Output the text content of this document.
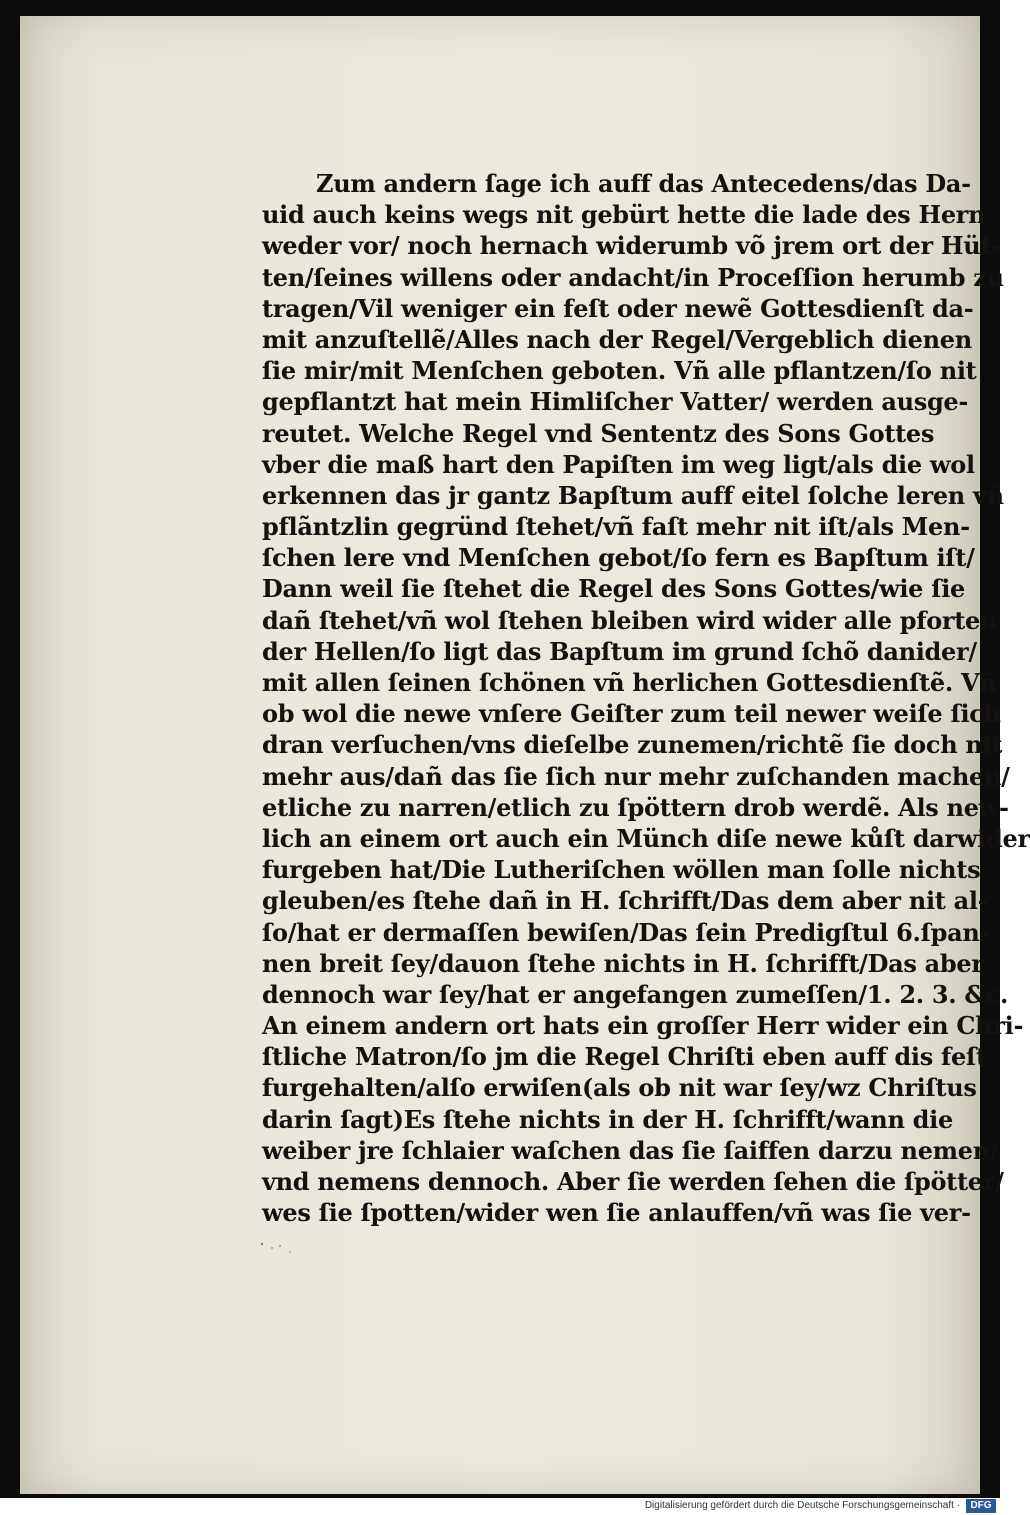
Zum andern ſage ich auff das Antecedens/das Da-
uid auch keins wegs nit gebürt hette die lade des Hern
weder vor/ noch hernach widerumb võ jrem ort der Hüt-
ten/ſeines willens oder andacht/in Proceſſion herumb zu
tragen/Vil weniger ein feſt oder newẽ Gottesdienſt da-
mit anzuſtellẽ/Alles nach der Regel/Vergeblich dienen
ſie mir/mit Menſchen geboten. Vñ alle pflantzen/ſo nit
gepflantzt hat mein Himliſcher Vatter/ werden ausge-
reutet. Welche Regel vnd Sententz des Sons Gottes
vber die maß hart den Papiſten im weg ligt/als die wol
erkennen das jr gantz Bapſtum auff eitel ſolche leren vñ
pflãntzlin gegründ ſtehet/vñ faſt mehr nit iſt/als Men-
ſchen lere vnd Menſchen gebot/ſo fern es Bapſtum iſt/
Dann weil ſie ſtehet die Regel des Sons Gottes/wie ſie
dañ ſtehet/vñ wol ſtehen bleiben wird wider alle pforten
der Hellen/ſo ligt das Bapſtum im grund ſchõ danider/
mit allen ſeinen ſchönen vñ herlichen Gottesdienſtẽ. Vñ
ob wol die newe vnſere Geiſter zum teil newer weiſe ſich
dran verſuchen/vns dieſelbe zunemen/richtẽ ſie doch nit
mehr aus/dañ das ſie ſich nur mehr zuſchanden machen/
etliche zu narren/etlich zu ſpöttern drob werdẽ. Als new-
lich an einem ort auch ein Münch diſe newe kůſt darwider
furgeben hat/Die Lutheriſchen wöllen man ſolle nichts
gleuben/es ſtehe dañ in H. ſchrifft/Das dem aber nit al-
ſo/hat er dermaſſen bewiſen/Das ſein Predigſtul 6.ſpan-
nen breit ſey/dauon ſtehe nichts in H. ſchrifft/Das aber
dennoch war ſey/hat er angefangen zumeſſen/1. 2. 3. &c.
An einem andern ort hats ein groſſer Herr wider ein Chri-
ſtliche Matron/ſo jm die Regel Chriſti eben auff dis feſt
furgehalten/alſo erwiſen(als ob nit war ſey/wz Chriſtus
darin ſagt)Es ſtehe nichts in der H. ſchrifft/wann die
weiber jre ſchlaier waſchen das ſie ſaiffen darzu nemen/
vnd nemens dennoch. Aber ſie werden ſehen die ſpötter/
wes ſie ſpotten/wider wen ſie anlauffen/vñ was ſie ver-
Digitalisierung gefördert durch die Deutsche Forschungsgemeinschaft ·	DFG
